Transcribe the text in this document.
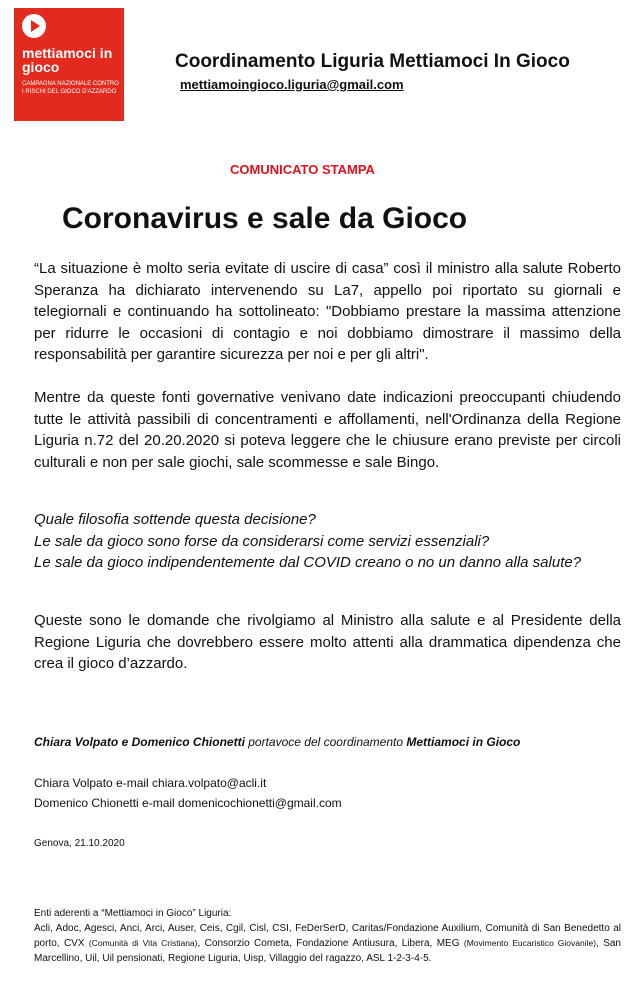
mettiamoci in gioco
CAMPAGNA NAZIONALE CONTRO I RISCHI DEL GIOCO D'AZZARDO
Coordinamento Liguria Mettiamoci In Gioco
mettiamoingioco.liguria@gmail.com
COMUNICATO STAMPA
Coronavirus e sale da Gioco

“La situazione è molto seria evitate di uscire di casa” così il ministro alla salute Roberto Speranza ha dichiarato intervenendo su La7, appello poi riportato su giornali e telegiornali e continuando ha sottolineato: "Dobbiamo prestare la massima attenzione per ridurre le occasioni di contagio e noi dobbiamo dimostrare il massimo della responsabilità per garantire sicurezza per noi e per gli altri".

Mentre da queste fonti governative venivano date indicazioni preoccupanti chiudendo tutte le attività passibili di concentramenti e affollamenti, nell'Ordinanza della Regione Liguria n.72 del 20.20.2020 si poteva leggere che le chiusure erano previste per circoli culturali e non per sale giochi, sale scommesse e sale Bingo.

Quale filosofia sottende questa decisione?
Le sale da gioco sono forse da considerarsi come servizi essenziali?
Le sale da gioco indipendentemente dal COVID creano o no un danno alla salute?

Queste sono le domande che rivolgiamo al Ministro alla salute e al Presidente della Regione Liguria che dovrebbero essere molto attenti alla drammatica dipendenza che crea il gioco d’azzardo.

Chiara Volpato e Domenico Chionetti portavoce del coordinamento Mettiamoci in Gioco
Chiara Volpato e-mail chiara.volpato@acli.it
Domenico Chionetti e-mail domenicochionetti@gmail.com
Genova, 21.10.2020
Enti aderenti a “Mettiamoci in Gioco” Liguria:
Acli, Adoc, Agesci, Anci, Arci, Auser, Ceis, Cgil, Cisl, CSI, FeDerSerD, Caritas/Fondazione Auxilium, Comunità di San Benedetto al porto, CVX (Comunità di Vita Cristiana), Consorzio Cometa, Fondazione Antiusura, Libera, MEG (Movimento Eucaristico Giovanile), San Marcellino, Uil, Uil pensionati, Regione Liguria, Uisp, Villaggio del ragazzo, ASL 1-2-3-4-5.
